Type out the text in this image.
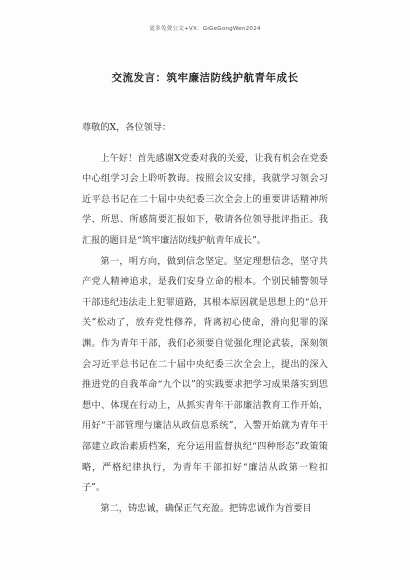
更多免费公文+VX：GiGeGongWen2024
交流发言：筑牢廉洁防线护航青年成长

尊敬的X，各位领导：

上午好！首先感谢X党委对我的关爱，让我有机会在党委中心组学习会上聆听教诲。按照会议安排，我就学习领会习近平总书记在二十届中央纪委三次全会上的重要讲话精神所学、所思、所感简要汇报如下，敬请各位领导批评指正。我汇报的题目是“筑牢廉洁防线护航青年成长”。

第一，明方向，做到信念坚定。坚定理想信念，坚守共产党人精神追求，是我们安身立命的根本。个别民辅警领导干部违纪违法走上犯罪道路，其根本原因就是思想上的“总开关”松动了，放弃党性修养，背离初心使命，滑向犯罪的深渊。作为青年干部，我们必须要自觉强化理论武装，深刻领会习近平总书记在二十届中央纪委三次全会上，提出的深入推进党的自我革命“九个以”的实践要求把学习成果落实到思想中、体现在行动上，从抓实青年干部廉洁教育工作开始，用好“干部管理与廉洁从政信息系统”，入警开始就为青年干部建立政治素质档案，充分运用监督执纪“四种形态”政策策略，严格纪律执行，为青年干部扣好“廉洁从政第一粒扣子”。

第二，铸忠诚，确保正气充盈。把铸忠诚作为首要目
